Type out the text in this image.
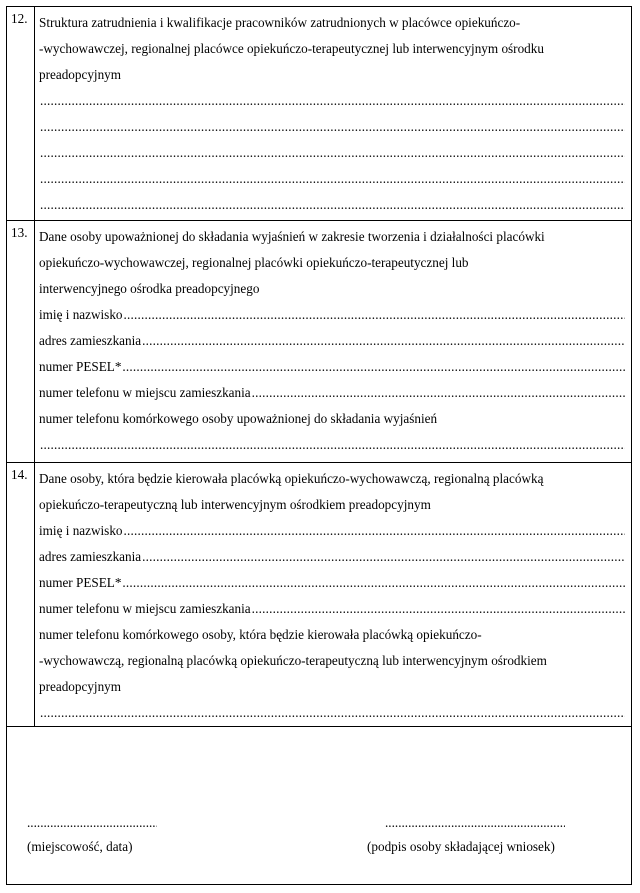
12. Struktura zatrudnienia i kwalifikacje pracowników zatrudnionych w placówce opiekuńczo-
-wychowawczej, regionalnej placówce opiekuńczo-terapeutycznej lub interwencyjnym ośrodku
preadopcyjnym
.....
.....
.....
.....
.....
13. Dane osoby upoważnionej do składania wyjaśnień w zakresie tworzenia i działalności placówki
opiekuńczo-wychowawczej, regionalnej placówki opiekuńczo-terapeutycznej lub
interwencyjnego ośrodka preadopcyjnego
imię i nazwisko
.....
adres zamieszkania
.....
numer PESEL*
.....
numer telefonu w miejscu zamieszkania
.....
numer telefonu komórkowego osoby upoważnionej do składania wyjaśnień
.....
14. Dane osoby, która będzie kierowała placówką opiekuńczo-wychowawczą, regionalną placówką
opiekuńczo-terapeutyczną lub interwencyjnym ośrodkiem preadopcyjnym
imię i nazwisko
.....
adres zamieszkania
.....
numer PESEL*
.....
numer telefonu w miejscu zamieszkania
.....
numer telefonu komórkowego osoby, która będzie kierowała placówką opiekuńczo-
-wychowawczą, regionalną placówką opiekuńczo-terapeutyczną lub interwencyjnym ośrodkiem
preadopcyjnym
.....
.....
(miejscowość, data)
.....	(podpis osoby składającej wniosek)
